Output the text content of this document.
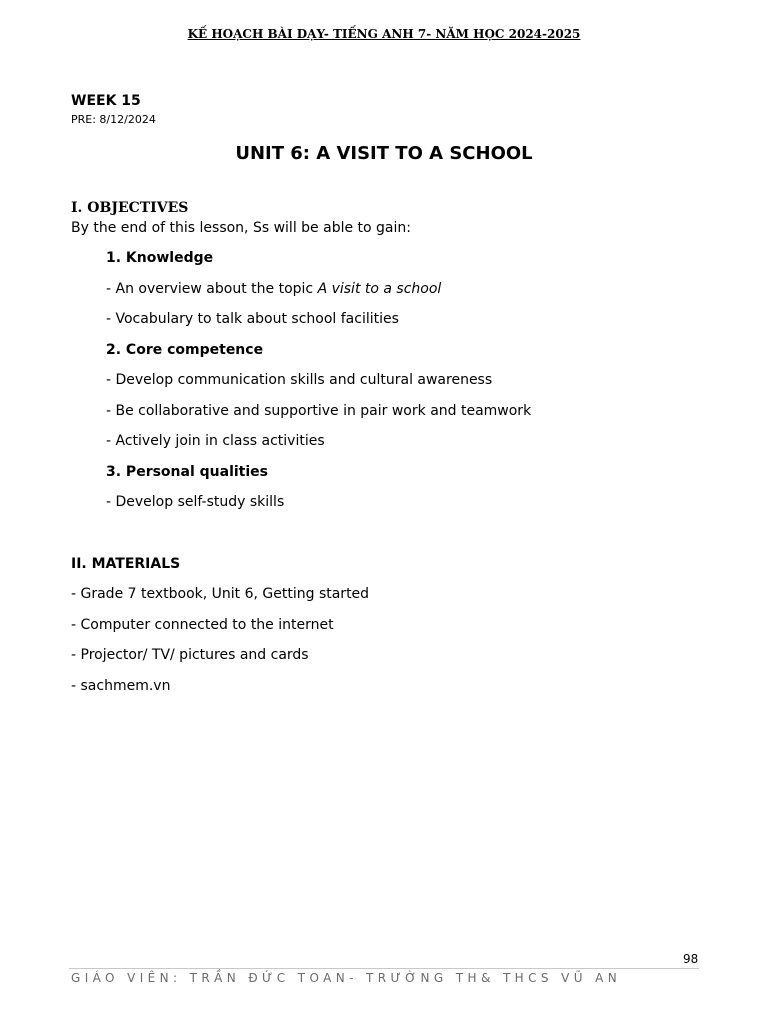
KẾ HOẠCH BÀI DẠY- TIẾNG ANH 7- NĂM HỌC 2024-2025
WEEK 15
PRE: 8/12/2024
UNIT 6: A VISIT TO A SCHOOL
I. OBJECTIVES
By the end of this lesson, Ss will be able to gain:
1. Knowledge
- An overview about the topic A visit to a school
- Vocabulary to talk about school facilities
2. Core competence
- Develop communication skills and cultural awareness
- Be collaborative and supportive in pair work and teamwork
- Actively join in class activities
3. Personal qualities
- Develop self-study skills
II. MATERIALS
- Grade 7 textbook, Unit 6, Getting started
- Computer connected to the internet
- Projector/ TV/ pictures and cards
- sachmem.vn
98
GIÁO VIÊN: TRẦN ĐỨC TOAN- TRƯỜNG TH& THCS VŨ AN
